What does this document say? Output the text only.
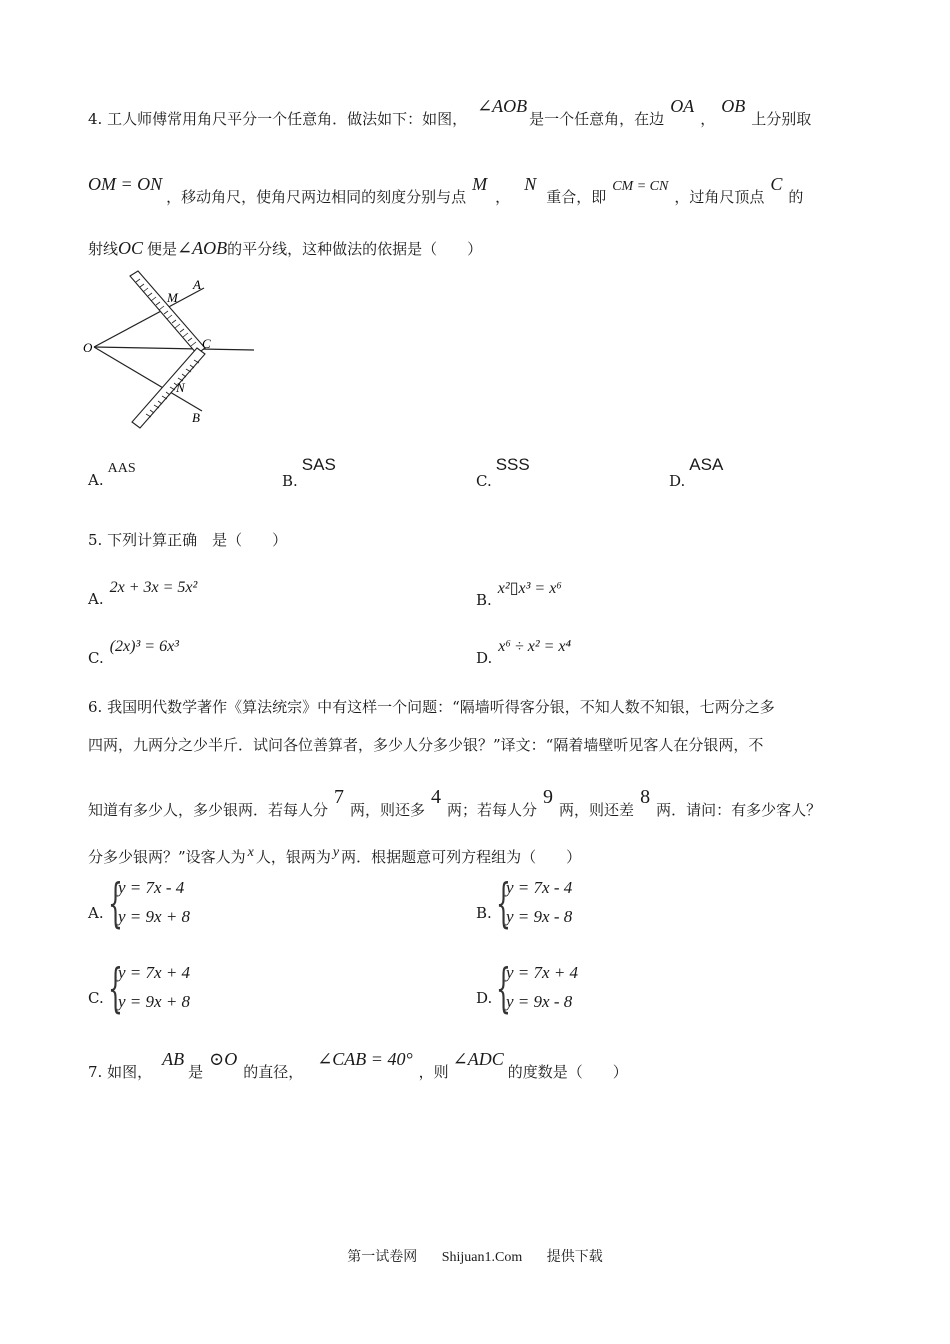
4. 工人师傅常用角尺平分一个任意角．做法如下：如图，∠AOB是一个任意角，在边OA，OB上分别取
OM = ON，移动角尺，使角尺两边相同的刻度分别与点M，N重合，即CM = CN，过角尺顶点C的
射线OC 便是∠AOB的平分线，这种做法的依据是（　　）
A
M
O	C
N
B
A.AAS
B.SAS
C.SSS
D.ASA
5. 下列计算正确　是（　　）
A.2x + 3x = 5x²
B.x²▯x³ = x⁶
C.(2x)³ = 6x³
D.x⁶ ÷ x² = x⁴
6. 我国明代数学著作《算法统宗》中有这样一个问题：“隔墙听得客分银，不知人数不知银，七两分之多
四两，九两分之少半斤．试问各位善算者，多少人分多少银？”译文：“隔着墙壁听见客人在分银两，不
知道有多少人，多少银两．若每人分7两，则还多4两；若每人分9两，则还差8两．请问：有多少客人？
分多少银两？”设客人为 x 人，银两为 y 两．根据题意可列方程组为（　　）
A. {
y = 7x - 4
y = 9x + 8	B. {
y = 7x - 4
y = 9x - 8
C. {
y = 7x + 4
y = 9x + 8	D. {
y = 7x + 4
y = 9x - 8
7. 如图，AB是⊙O的直径，∠CAB = 40°，则∠ADC的度数是（　　）
第一试卷网 Shijuan1.Com 提供下载
